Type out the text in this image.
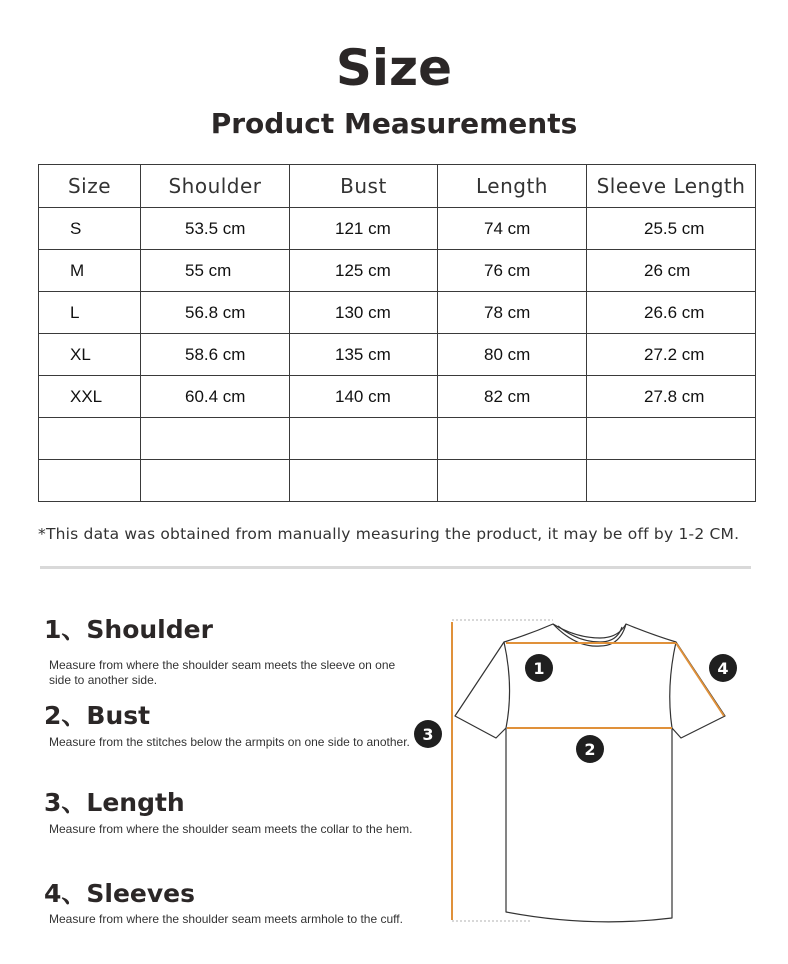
Size
Product Measurements
Size	Shoulder	Bust	Length	Sleeve Length
S	53.5 cm	121 cm	74 cm	25.5 cm
M	55 cm	125 cm	76 cm	26 cm
L	56.8 cm	130 cm	78 cm	26.6 cm
XL	58.6 cm	135 cm	80 cm	27.2 cm
XXL	60.4 cm	140 cm	82 cm	27.8 cm

*This data was obtained from manually measuring the product, it may be off by 1-2 CM.
1、Shoulder
Measure from where the shoulder seam meets the sleeve on one side to another side.
2、Bust
Measure from the stitches below the armpits on one side to another.
3、Length
Measure from where the shoulder seam meets the collar to the hem.
4、Sleeves
Measure from where the shoulder seam meets armhole to the cuff.
1
2
3
4
